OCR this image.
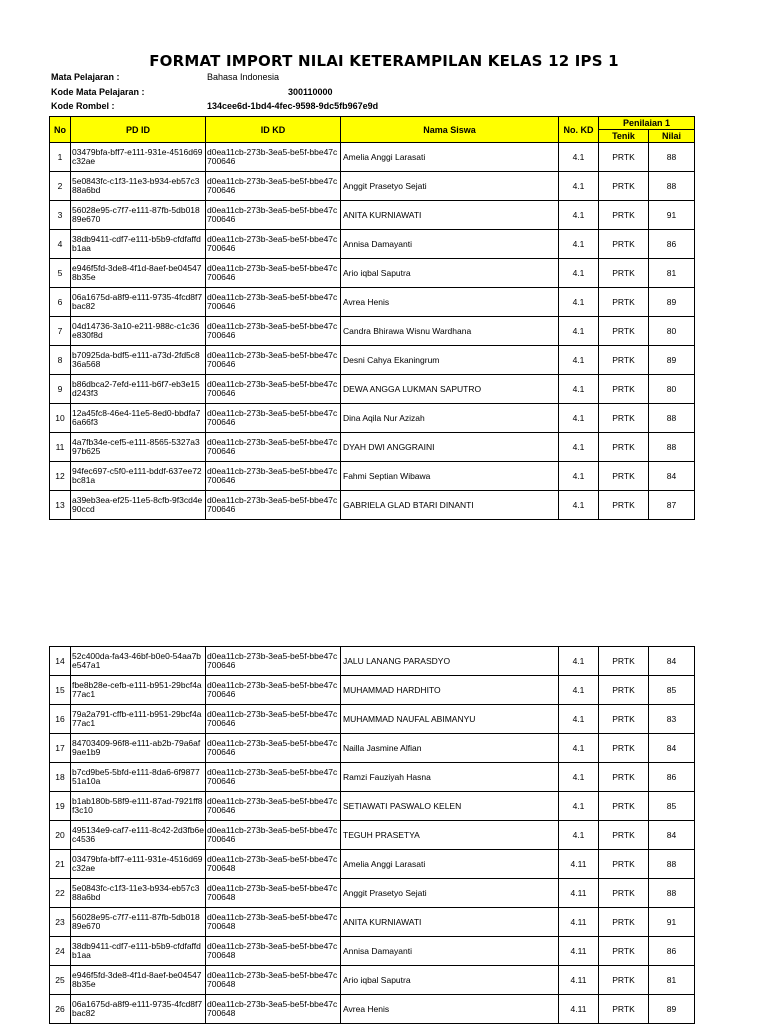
FORMAT IMPORT NILAI KETERAMPILAN KELAS 12 IPS 1
Mata Pelajaran :	Bahasa Indonesia
Kode Mata Pelajaran :	300110000
Kode Rombel :	134cee6d-1bd4-4fec-9598-9dc5fb967e9d
No	PD ID	ID KD	Nama Siswa	No. KD	Penilaian 1	
					Tenik	Nilai
1	03479bfa-bff7-e111-931e-4516d69c32ae	d0ea11cb-273b-3ea5-be5f-bbe47c700646	Amelia Anggi Larasati	4.1	PRTK	88
2	5e0843fc-c1f3-11e3-b934-eb57c388a6bd	d0ea11cb-273b-3ea5-be5f-bbe47c700646	Anggit Prasetyo Sejati	4.1	PRTK	88
3	56028e95-c7f7-e111-87fb-5db01889e670	d0ea11cb-273b-3ea5-be5f-bbe47c700646	ANITA KURNIAWATI	4.1	PRTK	91
4	38db9411-cdf7-e111-b5b9-cfdfaffdb1aa	d0ea11cb-273b-3ea5-be5f-bbe47c700646	Annisa Damayanti	4.1	PRTK	86
5	e946f5fd-3de8-4f1d-8aef-be045478b35e	d0ea11cb-273b-3ea5-be5f-bbe47c700646	Ario iqbal Saputra	4.1	PRTK	81
6	06a1675d-a8f9-e111-9735-4fcd8f7bac82	d0ea11cb-273b-3ea5-be5f-bbe47c700646	Avrea Henis	4.1	PRTK	89
7	04d14736-3a10-e211-988c-c1c36e830f8d	d0ea11cb-273b-3ea5-be5f-bbe47c700646	Candra Bhirawa Wisnu Wardhana	4.1	PRTK	80
8	b70925da-bdf5-e111-a73d-2fd5c836a568	d0ea11cb-273b-3ea5-be5f-bbe47c700646	Desni Cahya Ekaningrum	4.1	PRTK	89
9	b86dbca2-7efd-e111-b6f7-eb3e15d243f3	d0ea11cb-273b-3ea5-be5f-bbe47c700646	DEWA ANGGA LUKMAN SAPUTRO	4.1	PRTK	80
10	12a45fc8-46e4-11e5-8ed0-bbdfa76a66f3	d0ea11cb-273b-3ea5-be5f-bbe47c700646	Dina Aqila Nur Azizah	4.1	PRTK	88
11	4a7fb34e-cef5-e111-8565-5327a397b625	d0ea11cb-273b-3ea5-be5f-bbe47c700646	DYAH DWI ANGGRAINI	4.1	PRTK	88
12	94fec697-c5f0-e111-bddf-637ee72bc81a	d0ea11cb-273b-3ea5-be5f-bbe47c700646	Fahmi Septian Wibawa	4.1	PRTK	84
13	a39eb3ea-ef25-11e5-8cfb-9f3cd4e90ccd	d0ea11cb-273b-3ea5-be5f-bbe47c700646	GABRIELA GLAD BTARI DINANTI	4.1	PRTK	87
14	52c400da-fa43-46bf-b0e0-54aa7be547a1	d0ea11cb-273b-3ea5-be5f-bbe47c700646	JALU LANANG PARASDYO	4.1	PRTK	84
15	fbe8b28e-cefb-e111-b951-29bcf4a77ac1	d0ea11cb-273b-3ea5-be5f-bbe47c700646	MUHAMMAD HARDHITO	4.1	PRTK	85
16	79a2a791-cffb-e111-b951-29bcf4a77ac1	d0ea11cb-273b-3ea5-be5f-bbe47c700646	MUHAMMAD NAUFAL ABIMANYU	4.1	PRTK	83
17	84703409-96f8-e111-ab2b-79a6af9ae1b9	d0ea11cb-273b-3ea5-be5f-bbe47c700646	Nailla Jasmine Alfian	4.1	PRTK	84
18	b7cd9be5-5bfd-e111-8da6-6f987751a10a	d0ea11cb-273b-3ea5-be5f-bbe47c700646	Ramzi Fauziyah Hasna	4.1	PRTK	86
19	b1ab180b-58f9-e111-87ad-7921ff8f3c10	d0ea11cb-273b-3ea5-be5f-bbe47c700646	SETIAWATI PASWALO KELEN	4.1	PRTK	85
20	495134e9-caf7-e111-8c42-2d3fb6ec4536	d0ea11cb-273b-3ea5-be5f-bbe47c700646	TEGUH PRASETYA	4.1	PRTK	84
21	03479bfa-bff7-e111-931e-4516d69c32ae	d0ea11cb-273b-3ea5-be5f-bbe47c700648	Amelia Anggi Larasati	4.11	PRTK	88
22	5e0843fc-c1f3-11e3-b934-eb57c388a6bd	d0ea11cb-273b-3ea5-be5f-bbe47c700648	Anggit Prasetyo Sejati	4.11	PRTK	88
23	56028e95-c7f7-e111-87fb-5db01889e670	d0ea11cb-273b-3ea5-be5f-bbe47c700648	ANITA KURNIAWATI	4.11	PRTK	91
24	38db9411-cdf7-e111-b5b9-cfdfaffdb1aa	d0ea11cb-273b-3ea5-be5f-bbe47c700648	Annisa Damayanti	4.11	PRTK	86
25	e946f5fd-3de8-4f1d-8aef-be045478b35e	d0ea11cb-273b-3ea5-be5f-bbe47c700648	Ario iqbal Saputra	4.11	PRTK	81
26	06a1675d-a8f9-e111-9735-4fcd8f7bac82	d0ea11cb-273b-3ea5-be5f-bbe47c700648	Avrea Henis	4.11	PRTK	89
